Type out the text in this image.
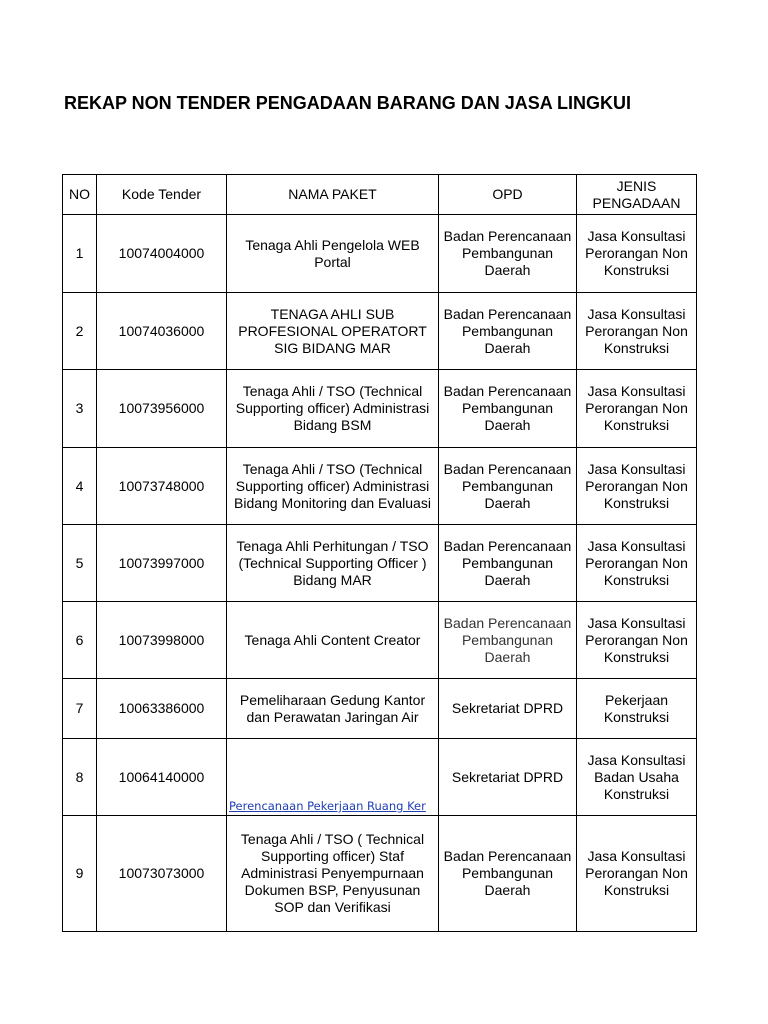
REKAP NON TENDER PENGADAAN BARANG DAN JASA LINGKUI
NO	Kode Tender	NAMA PAKET	OPD	JENIS PENGADAAN
1	10074004000	Tenaga Ahli Pengelola WEB Portal	Badan Perencanaan Pembangunan Daerah	Jasa Konsultasi Perorangan Non Konstruksi
2	10074036000	TENAGA AHLI SUB PROFESIONAL OPERATORT SIG BIDANG MAR	Badan Perencanaan Pembangunan Daerah	Jasa Konsultasi Perorangan Non Konstruksi
3	10073956000	Tenaga Ahli / TSO (Technical Supporting officer) Administrasi Bidang BSM	Badan Perencanaan Pembangunan Daerah	Jasa Konsultasi Perorangan Non Konstruksi
4	10073748000	Tenaga Ahli / TSO (Technical Supporting officer) Administrasi Bidang Monitoring dan Evaluasi	Badan Perencanaan Pembangunan Daerah	Jasa Konsultasi Perorangan Non Konstruksi
5	10073997000	Tenaga Ahli Perhitungan / TSO (Technical Supporting Officer ) Bidang MAR	Badan Perencanaan Pembangunan Daerah	Jasa Konsultasi Perorangan Non Konstruksi
6	10073998000	Tenaga Ahli Content Creator	Badan Perencanaan Pembangunan Daerah	Jasa Konsultasi Perorangan Non Konstruksi
7	10063386000	Pemeliharaan Gedung Kantor dan Perawatan Jaringan Air	Sekretariat DPRD	Pekerjaan Konstruksi
8	10064140000	Perencanaan Pekerjaan Ruang Ker	Sekretariat DPRD	Jasa Konsultasi Badan Usaha Konstruksi
9	10073073000	Tenaga Ahli / TSO ( Technical Supporting officer) Staf Administrasi Penyempurnaan Dokumen BSP, Penyusunan SOP dan Verifikasi	Badan Perencanaan Pembangunan Daerah	Jasa Konsultasi Perorangan Non Konstruksi
